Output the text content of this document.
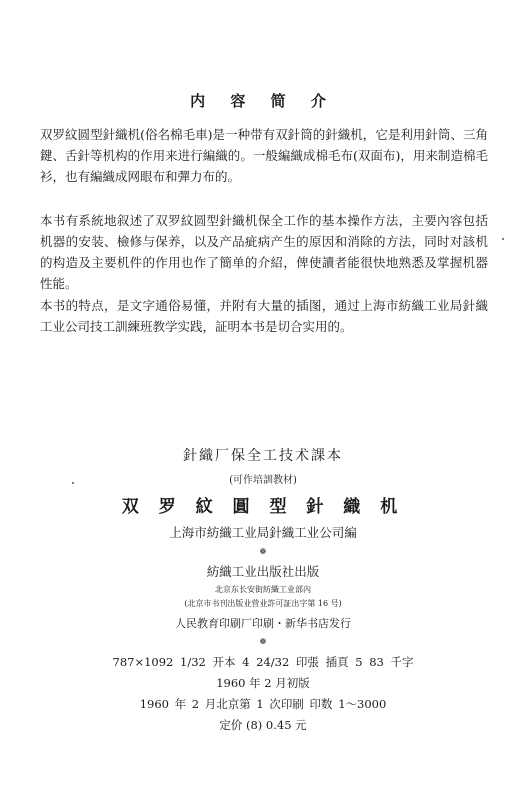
内 容 简 介

双罗紋圆型針織机(俗名棉毛車)是一种带有双針筒的針織机，它是利用針筒、三角鍵、舌針等机构的作用来进行編織的。一般編織成棉毛布(双面布)，用来制造棉毛衫，也有編織成网眼布和彈力布的。

本书有系統地叙述了双罗紋圆型針織机保全工作的基本操作方法，主要內容包括机器的安装、檢修与保养，以及产品疵病产生的原因和消除的方法，同时对該机的构造及主要机件的作用也作了簡单的介紹，俾使讀者能很快地熟悉及掌握机器性能。

本书的特点，是文字通俗易懂，并附有大量的插图，通过上海市紡織工业局針織工业公司技工訓練班教学实践，証明本书是切合实用的。

針織厂保全工技术課本
(可作培訓教材)
双 罗 紋 圓 型 針 織 机
上海市紡織工业局針織工业公司編
❁
紡織工业出版社出版
北京东长安街紡織工业部內
(北京市书刊出版业营业許可証出字第 16 号)
人民教育印刷厂印刷・新华书店发行
❁
787×1092 1/32 开本 4 24/32 印張 插頁 5 83 千字
1960 年 2 月初版
1960 年 2 月北京第 1 次印刷 印数 1～3000
定价 (8) 0.45 元
